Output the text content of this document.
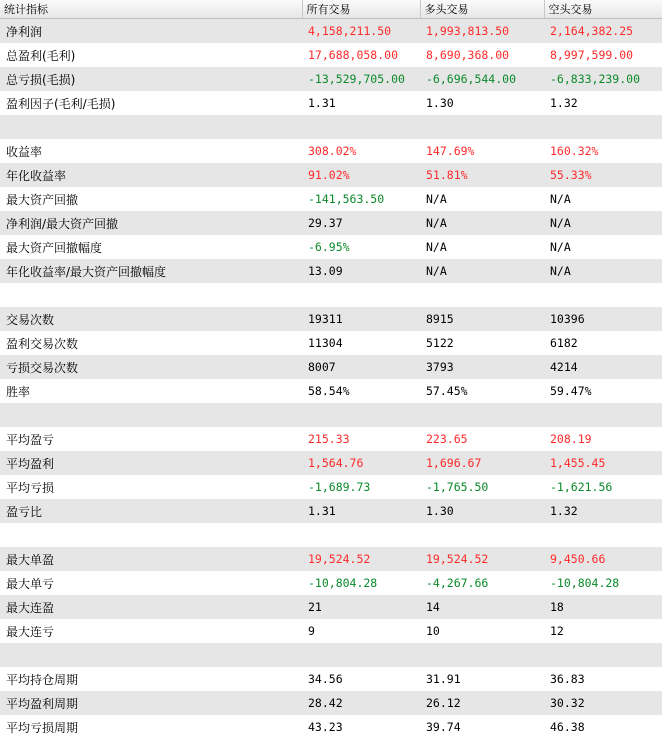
统计指标	所有交易	多头交易	空头交易
净利润	4,158,211.50	1,993,813.50	2,164,382.25
总盈利(毛利)	17,688,058.00	8,690,368.00	8,997,599.00
总亏损(毛损)	-13,529,705.00	-6,696,544.00	-6,833,239.00
盈利因子(毛利/毛损)	1.31	1.30	1.32

收益率	308.02%	147.69%	160.32%
年化收益率	91.02%	51.81%	55.33%
最大资产回撤	-141,563.50	N/A	N/A
净利润/最大资产回撤	29.37	N/A	N/A
最大资产回撤幅度	-6.95%	N/A	N/A
年化收益率/最大资产回撤幅度	13.09	N/A	N/A

交易次数	19311	8915	10396
盈利交易次数	11304	5122	6182
亏损交易次数	8007	3793	4214
胜率	58.54%	57.45%	59.47%

平均盈亏	215.33	223.65	208.19
平均盈利	1,564.76	1,696.67	1,455.45
平均亏损	-1,689.73	-1,765.50	-1,621.56
盈亏比	1.31	1.30	1.32

最大单盈	19,524.52	19,524.52	9,450.66
最大单亏	-10,804.28	-4,267.66	-10,804.28
最大连盈	21	14	18
最大连亏	9	10	12

平均持仓周期	34.56	31.91	36.83
平均盈利周期	28.42	26.12	30.32
平均亏损周期	43.23	39.74	46.38
